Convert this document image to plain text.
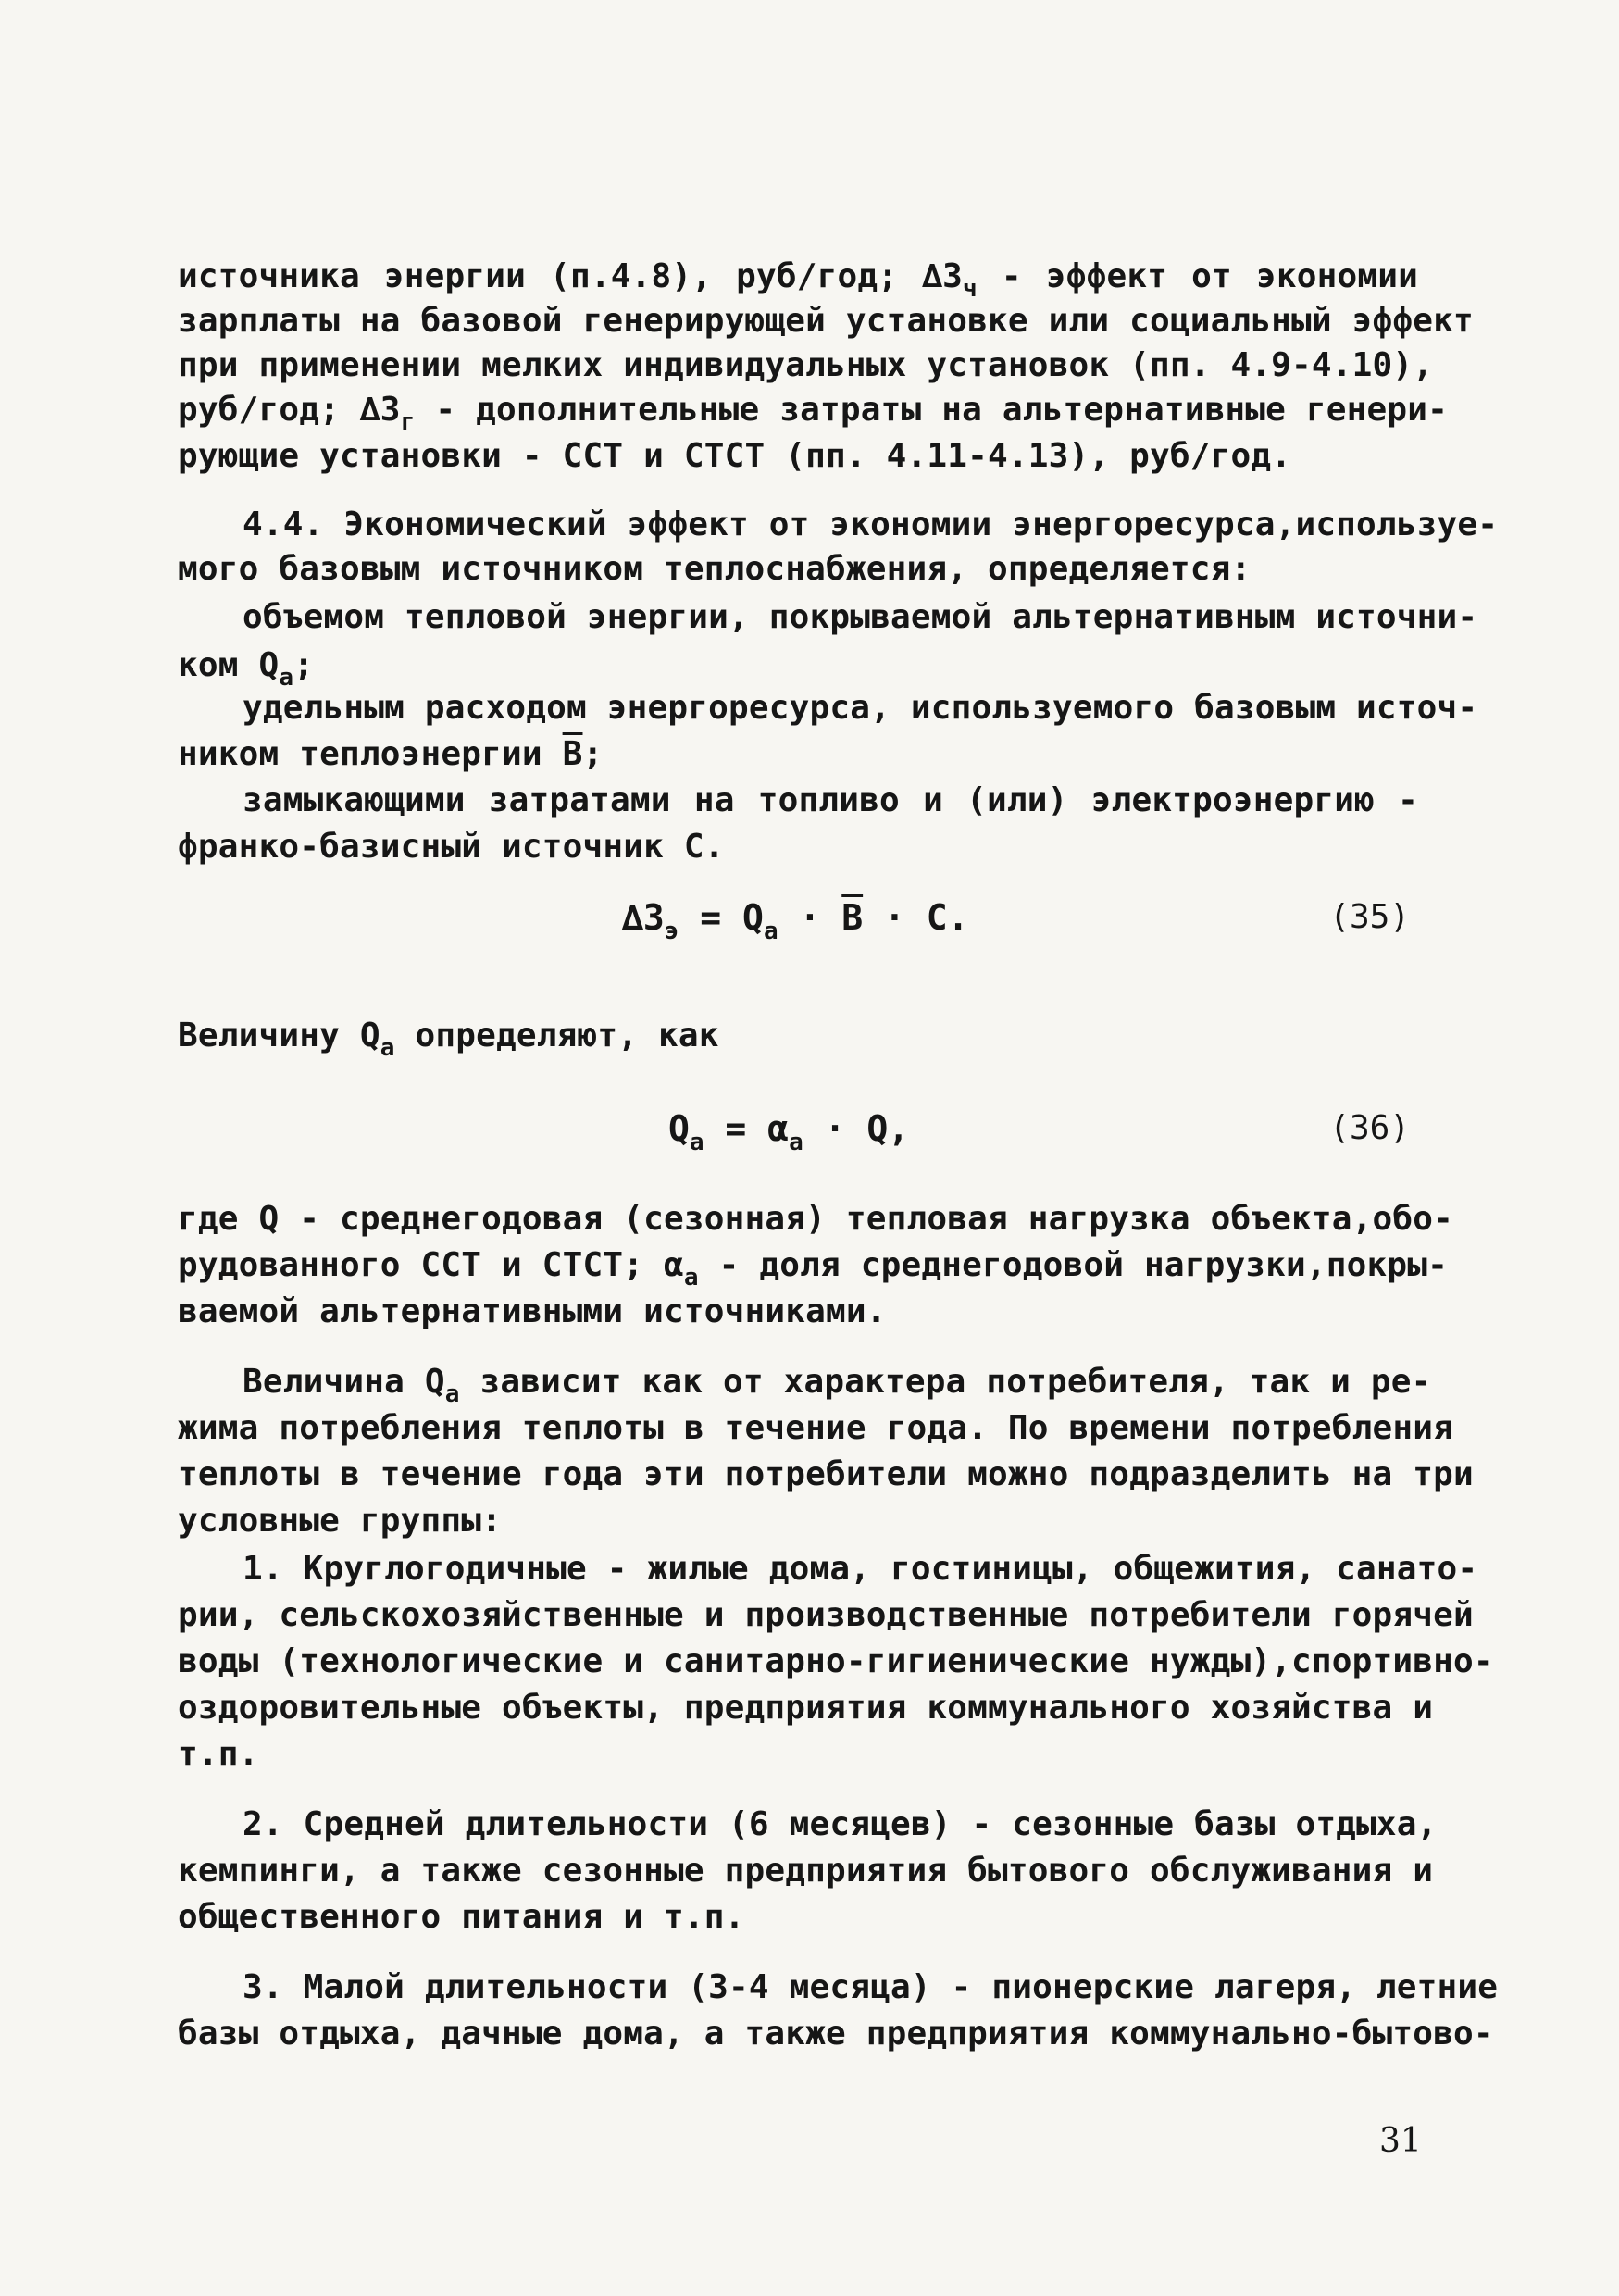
источника энергии (п.4.8), руб/год; $\Delta З_ч$ - эффект от экономии
зарплаты на базовой генерирующей установке или социальный эффект
при применении мелких индивидуальных установок (пп. 4.9-4.10),
руб/год; $\Delta З_г$ - дополнительные затраты на альтернативные генери-
рующие установки - ССТ и СТСТ (пп. 4.11-4.13), руб/год.
4.4. Экономический эффект от экономии энергоресурса,используе-
мого базовым источником теплоснабжения, определяется:
объемом тепловой энергии, покрываемой альтернативным источни-
ком $Q_а$;
удельным расходом энергоресурса, используемого базовым источ-
ником теплоэнергии $\overline{B}$;
замыкающими затратами на топливо и (или) электроэнергию -
франко-базисный источник С.
$\Delta З_э = Q_а \cdot \overline{B} \cdot С$.	(35)
Величину $Q_а$ определяют, как
$Q_а = \alpha_а \cdot Q$,	(36)
где Q - среднегодовая (сезонная) тепловая нагрузка объекта,обо-
рудованного ССТ и СТСТ; $\alpha_а$ - доля среднегодовой нагрузки,покры-
ваемой альтернативными источниками.
Величина $Q_а$ зависит как от характера потребителя, так и ре-
жима потребления теплоты в течение года. По времени потребления
теплоты в течение года эти потребители можно подразделить на три
условные группы:
1. Круглогодичные - жилые дома, гостиницы, общежития, санато-
рии, сельскохозяйственные и производственные потребители горячей
воды (технологические и санитарно-гигиенические нужды),спортивно-
оздоровительные объекты, предприятия коммунального хозяйства и
т.п.
2. Средней длительности (6 месяцев) - сезонные базы отдыха,
кемпинги, а также сезонные предприятия бытового обслуживания и
общественного питания и т.п.
3. Малой длительности (3-4 месяца) - пионерские лагеря, летние
базы отдыха, дачные дома, а также предприятия коммунально-бытово-
31
